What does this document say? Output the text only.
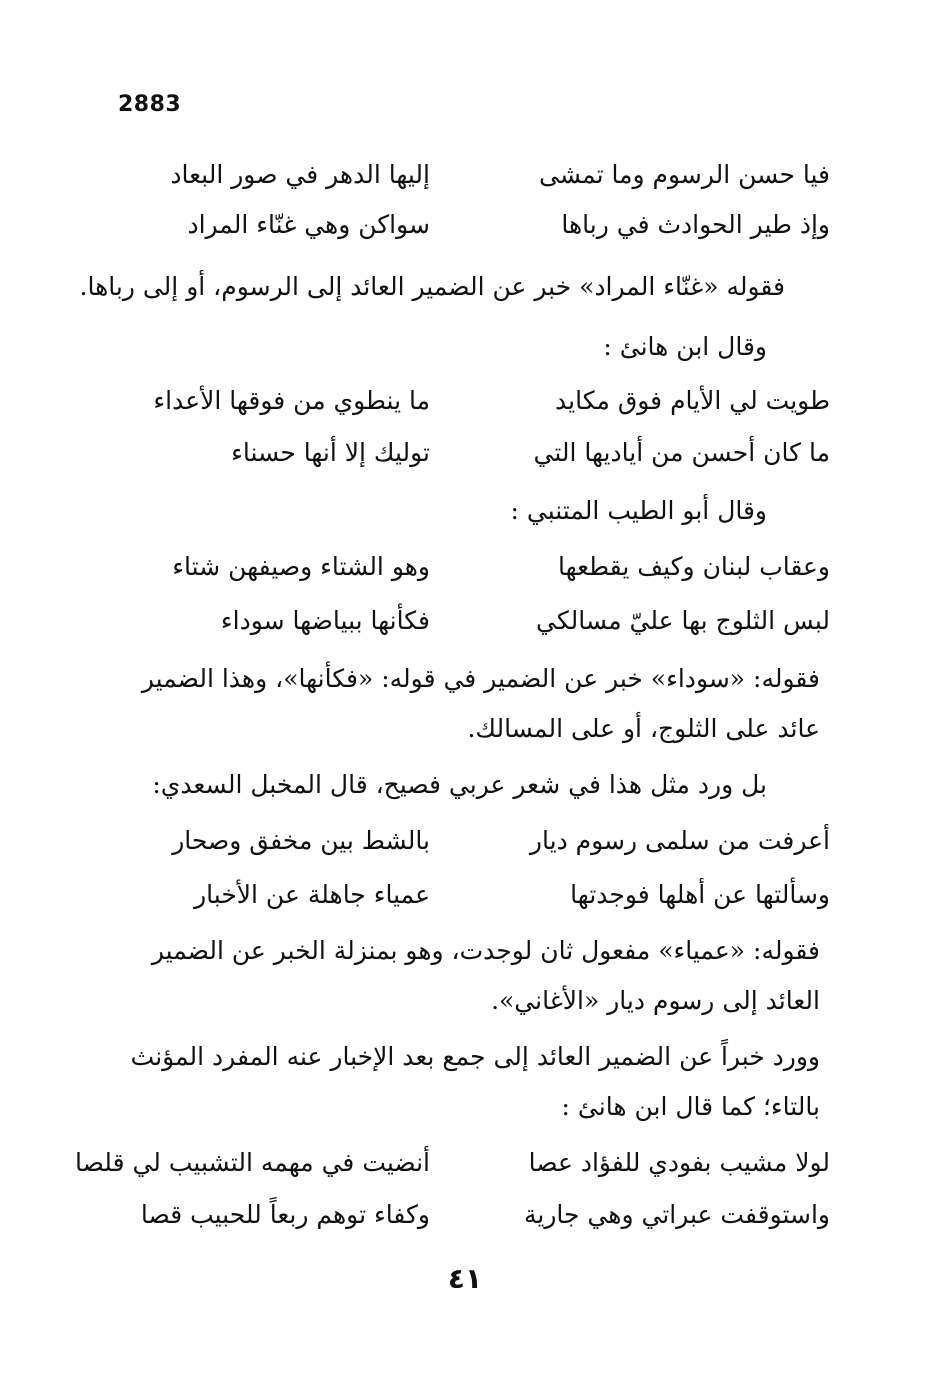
2883
فيا حسن الرسوم وما تمشى
إليها الدهر في صور البعاد
وإذ طير الحوادث في رباها
سواكن وهي غنّاء المراد
فقوله «غنّاء المراد» خبر عن الضمير العائد إلى الرسوم، أو إلى رباها.
وقال ابن هانئ :
طويت لي الأيام فوق مكايد
ما ينطوي من فوقها الأعداء
ما كان أحسن من أياديها التي
توليك إلا أنها حسناء
وقال أبو الطيب المتنبي :
وعقاب لبنان وكيف يقطعها
وهو الشتاء وصيفهن شتاء
لبس الثلوج بها عليّ مسالكي
فكأنها ببياضها سوداء
فقوله: «سوداء» خبر عن الضمير في قوله: «فكأنها»، وهذا الضمير
عائد على الثلوج، أو على المسالك.
بل ورد مثل هذا في شعر عربي فصيح، قال المخبل السعدي:
أعرفت من سلمى رسوم ديار
بالشط بين مخفق وصحار
وسألتها عن أهلها فوجدتها
عمياء جاهلة عن الأخبار
فقوله: «عمياء» مفعول ثان لوجدت، وهو بمنزلة الخبر عن الضمير
العائد إلى رسوم ديار «الأغاني».
وورد خبراً عن الضمير العائد إلى جمع بعد الإخبار عنه المفرد المؤنث
بالتاء؛ كما قال ابن هانئ :
لولا مشيب بفودي للفؤاد عصا
أنضيت في مهمه التشبيب لي قلصا
واستوقفت عبراتي وهي جارية
وكفاء توهم ربعاً للحبيب قصا
٤١
